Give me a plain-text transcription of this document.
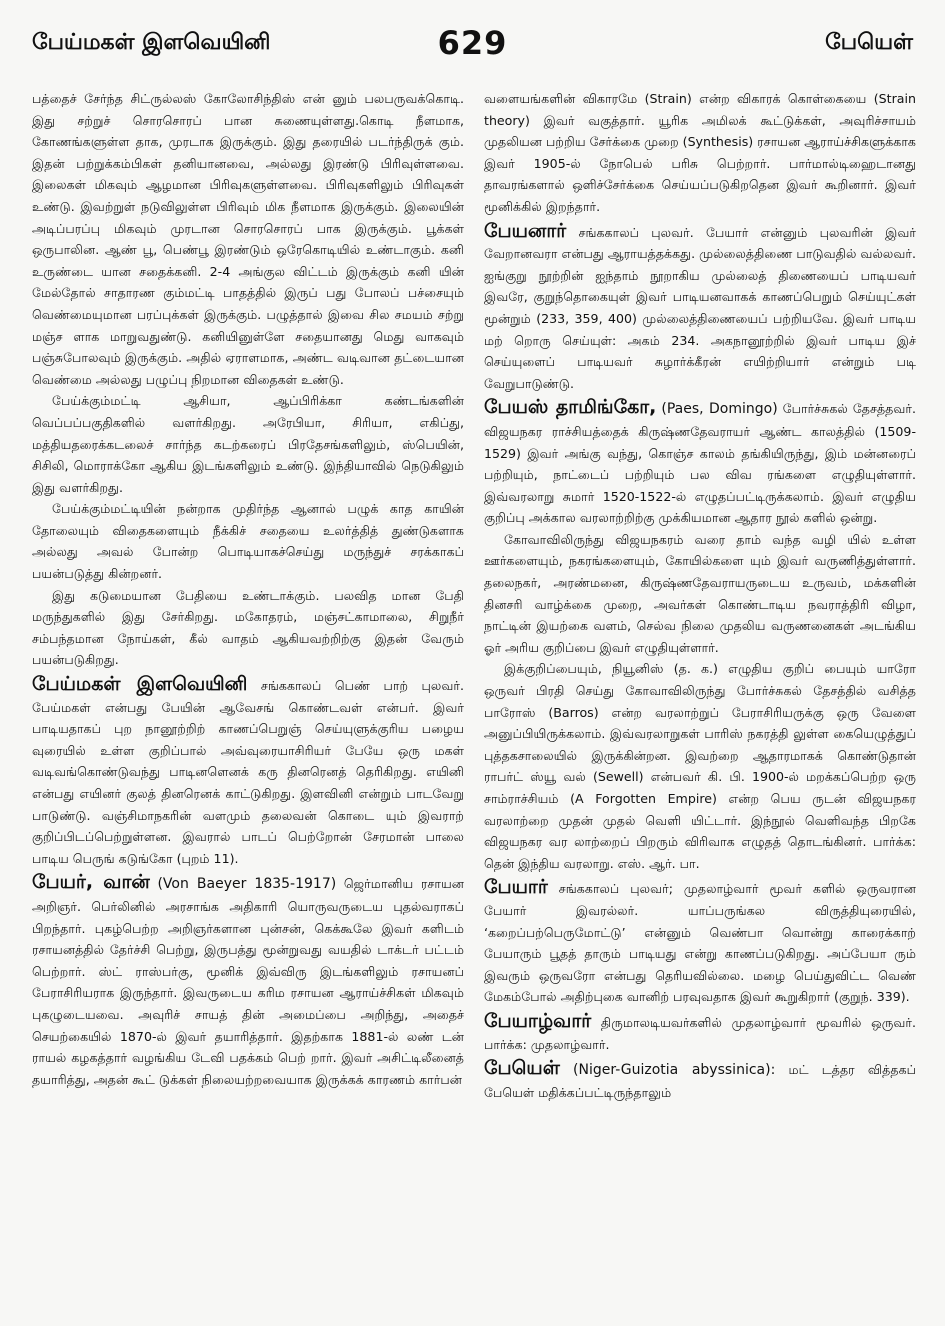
பேய்மகள் இளவெயினி	629	பேயெள்

பத்தைச் சேர்ந்த சிட்ருல்லஸ் கோலோசிந்திஸ் என் னும் பலபருவக்கொடி. இது சற்றுச் சொரசொரப் பான சுணையுள்ளது.கொடி நீளமாக, கோணங்களுள்ள தாக, முரடாக இருக்கும். இது தரையில் படர்ந்திருக் கும். இதன் பற்றுக்கம்பிகள் தனியானவை, அல்லது இரண்டு பிரிவுள்ளவை. இலைகள் மிகவும் ஆழமான பிரிவுகளுள்ளவை. பிரிவுகளிலும் பிரிவுகள் உண்டு. இவற்றுள் நடுவிலுள்ள பிரிவும் மிக நீளமாக இருக்கும். இலையின் அடிப்பரப்பு மிகவும் முரடான சொரசொரப் பாக இருக்கும். பூக்கள் ஒருபாலின. ஆண் பூ, பெண்பூ இரண்டும் ஒரேகொடியில் உண்டாகும். கனி உருண்டை யான சதைக்கனி. 2-4 அங்குல விட்டம் இருக்கும் கனி யின் மேல்தோல் சாதாரண கும்மட்டி பாதத்தில் இருப் பது போலப் பச்சையும் வெண்மையுமான பரப்புக்கள் இருக்கும். பழுத்தால் இவை சில சமயம் சற்று மஞ்ச ளாக மாறுவதுண்டு. கனியினுள்ளே சதையானது மெது வாகவும் பஞ்சுபோலவும் இருக்கும். அதில் ஏராளமாக, அண்ட வடிவான தட்டையான வெண்மை அல்லது பழுப்பு நிறமான விதைகள் உண்டு.

பேய்க்கும்மட்டி ஆசியா, ஆப்பிரிக்கா கண்டங்களின் வெப்பப்பகுதிகளில் வளர்கிறது. அரேபியா, சிரியா, எகிப்து, மத்தியதரைக்கடலைச் சார்ந்த கடற்கரைப் பிரதேசங்களிலும், ஸ்பெயின், சிசிலி, மொராக்கோ ஆகிய இடங்களிலும் உண்டு. இந்தியாவில் நெடுகிலும் இது வளர்கிறது.

பேய்க்கும்மட்டியின் நன்றாக முதிர்ந்த ஆனால் பழுக் காத காயின் தோலையும் விதைகளையும் நீக்கிச் சதையை உலர்த்தித் துண்டுகளாக அல்லது அவல் போன்ற பொடியாகச்செய்து மருந்துச் சரக்காகப் பயன்படுத்து கின்றனர்.

இது கடுமையான பேதியை உண்டாக்கும். பலவித மான பேதி மருந்துகளில் இது சேர்கிறது. மகோதரம், மஞ்சட்காமாலை, சிறுநீர் சம்பந்தமான நோய்கள், கீல் வாதம் ஆகியவற்றிற்கு இதன் வேரும் பயன்படுகிறது.

பேய்மகள் இளவெயினி சங்ககாலப் பெண் பாற் புலவர். பேய்மகள் என்பது பேயின் ஆவேசங் கொண்டவள் என்பர். இவர் பாடியதாகப் புற நானூற்றிற் காணப்பெறுஞ் செய்யுளுக்குரிய பழைய வுரையில் உள்ள குறிப்பால் அவ்வுரையாசிரியர் பேயே ஒரு மகள் வடிவங்கொண்டுவந்து பாடினளெனக் கரு தினரெனத் தெரிகிறது. எயினி என்பது எயினர் குலத் தினரெனக் காட்டுகிறது. இளவினி என்றும் பாடவேறு பாடுண்டு. வஞ்சிமாநகரின் வளமும் தலைவன் கொடை யும் இவராற் குறிப்பிடப்பெற்றுள்ளன. இவரால் பாடப் பெற்றோன் சேரமான் பாலை பாடிய பெருங் கடுங்கோ (புறம் 11).

பேயர், வான் (Von Baeyer 1835-1917) ஜெர்மானிய ரசாயன அறிஞர். பெர்லினில் அரசாங்க அதிகாரி யொருவருடைய புதல்வராகப் பிறந்தார். புகழ்பெற்ற அறிஞர்களான புன்சன், கெக்கூலே இவர் களிடம் ரசாயனத்தில் தேர்ச்சி பெற்று, இருபத்து மூன்றுவது வயதில் டாக்டர் பட்டம் பெற்றார். ஸ்ட் ராஸ்பர்கு, மூனிக் இவ்விரு இடங்களிலும் ரசாயனப் பேராசிரியராக இருந்தார். இவருடைய கரிம ரசாயன ஆராய்ச்சிகள் மிகவும் புகழுடையவை. அவுரிச் சாயத் தின் அமைப்பை அறிந்து, அதைச் செயற்கையில் 1870-ல் இவர் தயாரித்தார். இதற்காக 1881-ல் லண் டன் ராயல் கழகத்தார் வழங்கிய டேவி பதக்கம் பெற் றார். இவர் அசிட்டிலீனைத் தயாரித்து, அதன் கூட் டுக்கள் நிலையற்றவையாக இருக்கக் காரணம் கார்பன்

வளையங்களின் விகாரமே (Strain) என்ற விகாரக் கொள்கையை (Strain theory) இவர் வகுத்தார். யூரிக அமிலக் கூட்டுக்கள், அவுரிச்சாயம் முதலியன பற்றிய சேர்க்கை முறை (Synthesis) ரசாயன ஆராய்ச்சிகளுக்காக இவர் 1905-ல் நோபெல் பரிசு பெற்றார். பார்மால்டிஹைடானது தாவரங்களால் ஒளிச்சேர்க்கை செய்யப்படுகிறதென இவர் கூறினார். இவர் மூனிக்கில் இறந்தார்.

பேயனார் சங்ககாலப் புலவர். பேயார் என்னும் புலவரின் இவர் வேறானவரா என்பது ஆராயத்தக்கது. முல்லைத்திணை பாடுவதில் வல்லவர். ஐங்குறு நூற்றின் ஐந்தாம் நூறாகிய முல்லைத் திணையைப் பாடியவர் இவரே, குறுந்தொகையுள் இவர் பாடியனவாகக் காணப்பெறும் செய்யுட்கள் மூன்றும் (233, 359, 400) முல்லைத்திணையைப் பற்றியவே. இவர் பாடிய மற் றொரு செய்யுள்: அகம் 234. அகநானூற்றில் இவர் பாடிய இச் செய்யுளைப் பாடியவர் சுழார்க்கீரன் எயிற்றியார் என்றும் படி வேறுபாடுண்டு.

பேயஸ் தாமிங்கோ, (Paes, Domingo) போர்ச்சுகல் தேசத்தவர். விஜயநகர ராச்சியத்தைக் கிருஷ்ணதேவராயர் ஆண்ட காலத்தில் (1509-1529) இவர் அங்கு வந்து, கொஞ்ச காலம் தங்கியிருந்து, இம் மன்னரைப் பற்றியும், நாட்டைப் பற்றியும் பல விவ ரங்களை எழுதியுள்ளார். இவ்வரலாறு சுமார் 1520-1522-ல் எழுதப்பட்டிருக்கலாம். இவர் எழுதிய குறிப்பு அக்கால வரலாற்றிற்கு முக்கியமான ஆதார நூல் களில் ஒன்று.

கோவாவிலிருந்து விஜயநகரம் வரை தாம் வந்த வழி யில் உள்ள ஊர்களையும், நகரங்களையும், கோயில்களை யும் இவர் வருணித்துள்ளார். தலைநகர், அரண்மனை, கிருஷ்ணதேவராயருடைய உருவம், மக்களின் தினசரி வாழ்க்கை முறை, அவர்கள் கொண்டாடிய நவராத்திரி விழா, நாட்டின் இயற்கை வளம், செல்வ நிலை முதலிய வருணனைகள் அடங்கிய ஓர் அரிய குறிப்பை இவர் எழுதியுள்ளார்.

இக்குறிப்பையும், நியூனிஸ் (த. க.) எழுதிய குறிப் பையும் யாரோ ஒருவர் பிரதி செய்து கோவாவிலிருந்து போர்ச்சுகல் தேசத்தில் வசித்த பாரோஸ் (Barros) என்ற வரலாற்றுப் பேராசிரியருக்கு ஒரு வேளை அனுப்பியிருக்கலாம். இவ்வரலாறுகள் பாரிஸ் நகரத்தி லுள்ள கையெழுத்துப் புத்தகசாலையில் இருக்கின்றன. இவற்றை ஆதாரமாகக் கொண்டுதான் ராபர்ட் ஸ்யூ வல் (Sewell) என்பவர் கி. பி. 1900-ல் மறக்கப்பெற்ற ஒரு சாம்ராச்சியம் (A Forgotten Empire) என்ற பெய ருடன் விஜயநகர வரலாற்றை முதன் முதல் வெளி யிட்டார். இந்நூல் வெளிவந்த பிறகே விஜயநகர வர லாற்றைப் பிறரும் விரிவாக எழுதத் தொடங்கினர். பார்க்க: தென் இந்திய வரலாறு. எஸ். ஆர். பா.

பேயார் சங்ககாலப் புலவர்; முதலாழ்வார் மூவர் களில் ஒருவரான பேயார் இவரல்லர். யாப்பருங்கல விருத்தியுரையில், ‘கறைப்பற்பெருமோட்டு’ என்னும் வெண்பா வொன்று காரைக்காற் பேயாரும் பூதத் தாரும் பாடியது என்று காணப்படுகிறது. அப்பேயா ரும் இவரும் ஒருவரோ என்பது தெரியவில்லை. மழை பெய்துவிட்ட வெண் மேகம்போல் அதிற்புகை வானிற் பரவுவதாக இவர் கூறுகிறார் (குறுந். 339).

பேயாழ்வார் திருமாலடியவர்களில் முதலாழ்வார் மூவரில் ஒருவர். பார்க்க: முதலாழ்வார்.

பேயெள் (Niger-Guizotia abyssinica): மட் டத்தர வித்தகப் பேயெள் மதிக்கப்பட்டிருந்தாலும்
